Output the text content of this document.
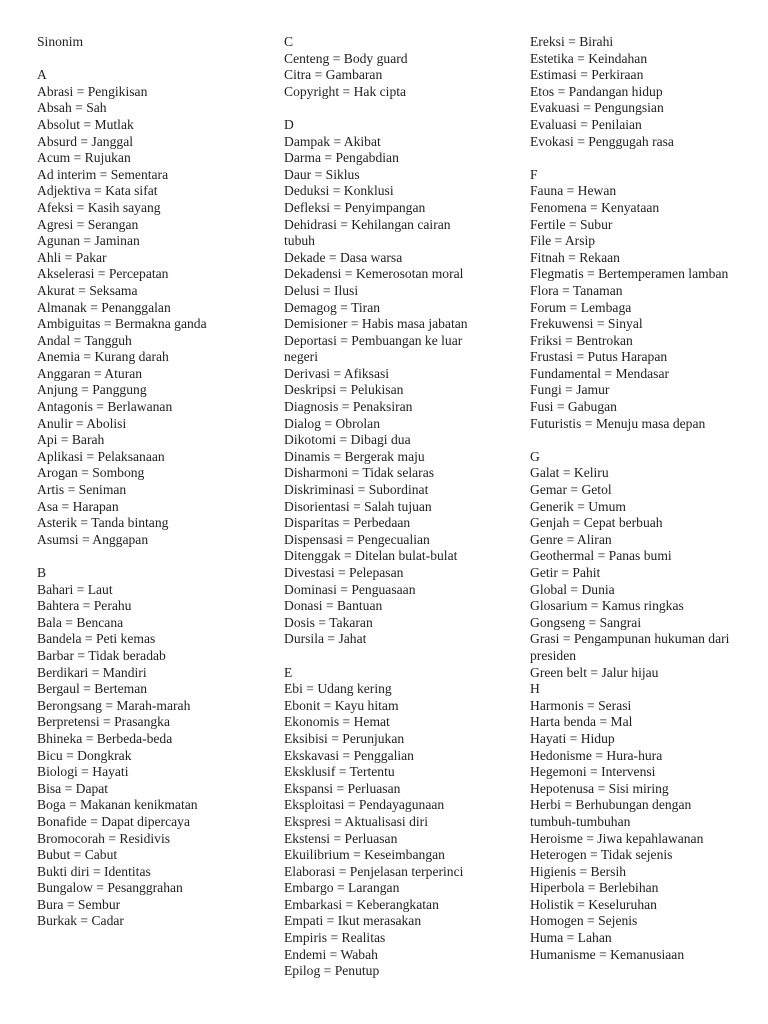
Sinonim
A
Abrasi = Pengikisan
Absah = Sah
Absolut = Mutlak
Absurd = Janggal
Acum = Rujukan
Ad interim = Sementara
Adjektiva = Kata sifat
Afeksi = Kasih sayang
Agresi = Serangan
Agunan = Jaminan
Ahli = Pakar
Akselerasi = Percepatan
Akurat = Seksama
Almanak = Penanggalan
Ambiguitas = Bermakna ganda
Andal = Tangguh
Anemia = Kurang darah
Anggaran = Aturan
Anjung = Panggung
Antagonis = Berlawanan
Anulir = Abolisi
Api = Barah
Aplikasi = Pelaksanaan
Arogan = Sombong
Artis = Seniman
Asa = Harapan
Asterik = Tanda bintang
Asumsi = Anggapan
B
Bahari = Laut
Bahtera = Perahu
Bala = Bencana
Bandela = Peti kemas
Barbar = Tidak beradab
Berdikari = Mandiri
Bergaul = Berteman
Berongsang = Marah-marah
Berpretensi = Prasangka
Bhineka = Berbeda-beda
Bicu = Dongkrak
Biologi = Hayati
Bisa = Dapat
Boga = Makanan kenikmatan
Bonafide = Dapat dipercaya
Bromocorah = Residivis
Bubut = Cabut
Bukti diri = Identitas
Bungalow = Pesanggrahan
Bura = Sembur
Burkak = Cadar
C
Centeng = Body guard
Citra = Gambaran
Copyright = Hak cipta
D
Dampak = Akibat
Darma = Pengabdian
Daur = Siklus
Deduksi = Konklusi
Defleksi = Penyimpangan
Dehidrasi = Kehilangan cairan tubuh
Dekade = Dasa warsa
Dekadensi = Kemerosotan moral
Delusi = Ilusi
Demagog = Tiran
Demisioner = Habis masa jabatan
Deportasi = Pembuangan ke luar negeri
Derivasi = Afiksasi
Deskripsi = Pelukisan
Diagnosis = Penaksiran
Dialog = Obrolan
Dikotomi = Dibagi dua
Dinamis = Bergerak maju
Disharmoni = Tidak selaras
Diskriminasi = Subordinat
Disorientasi = Salah tujuan
Disparitas = Perbedaan
Dispensasi = Pengecualian
Ditenggak = Ditelan bulat-bulat
Divestasi = Pelepasan
Dominasi = Penguasaan
Donasi = Bantuan
Dosis = Takaran
Dursila = Jahat
E
Ebi = Udang kering
Ebonit = Kayu hitam
Ekonomis = Hemat
Eksibisi = Perunjukan
Ekskavasi = Penggalian
Eksklusif = Tertentu
Ekspansi = Perluasan
Eksploitasi = Pendayagunaan
Ekspresi = Aktualisasi diri
Ekstensi = Perluasan
Ekuilibrium = Keseimbangan
Elaborasi = Penjelasan terperinci
Embargo = Larangan
Embarkasi = Keberangkatan
Empati = Ikut merasakan
Empiris = Realitas
Endemi = Wabah
Epilog = Penutup
Ereksi = Birahi
Estetika = Keindahan
Estimasi = Perkiraan
Etos = Pandangan hidup
Evakuasi = Pengungsian
Evaluasi = Penilaian
Evokasi = Penggugah rasa
F
Fauna = Hewan
Fenomena = Kenyataan
Fertile = Subur
File = Arsip
Fitnah = Rekaan
Flegmatis = Bertemperamen lamban
Flora = Tanaman
Forum = Lembaga
Frekuwensi = Sinyal
Friksi = Bentrokan
Frustasi = Putus Harapan
Fundamental = Mendasar
Fungi = Jamur
Fusi = Gabugan
Futuristis = Menuju masa depan
G
Galat = Keliru
Gemar = Getol
Generik = Umum
Genjah = Cepat berbuah
Genre = Aliran
Geothermal = Panas bumi
Getir = Pahit
Global = Dunia
Glosarium = Kamus ringkas
Gongseng = Sangrai
Grasi = Pengampunan hukuman dari presiden
Green belt = Jalur hijau
H
Harmonis = Serasi
Harta benda = Mal
Hayati = Hidup
Hedonisme = Hura-hura
Hegemoni = Intervensi
Hepotenusa = Sisi miring
Herbi = Berhubungan dengan tumbuh-tumbuhan
Heroisme = Jiwa kepahlawanan
Heterogen = Tidak sejenis
Higienis = Bersih
Hiperbola = Berlebihan
Holistik = Keseluruhan
Homogen = Sejenis
Huma = Lahan
Humanisme = Kemanusiaan
